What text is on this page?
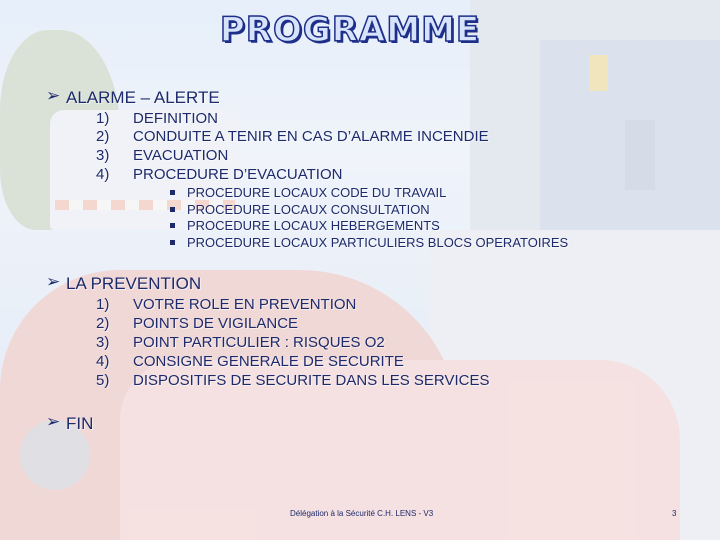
PROGRAMME
➢ ALARME – ALERTE
1) DEFINITION
2) CONDUITE A TENIR EN CAS D’ALARME INCENDIE
3) EVACUATION
4) PROCEDURE D’EVACUATION
PROCEDURE LOCAUX CODE DU TRAVAIL
PROCEDURE LOCAUX CONSULTATION
PROCEDURE LOCAUX HEBERGEMENTS
PROCEDURE LOCAUX PARTICULIERS BLOCS OPERATOIRES
➢ LA PREVENTION
1) VOTRE ROLE EN PREVENTION
2) POINTS DE VIGILANCE
3) POINT PARTICULIER : RISQUES O2
4) CONSIGNE GENERALE DE SECURITE
5) DISPOSITIFS DE SECURITE DANS LES SERVICES
➢ FIN
Délégation à la Sécurité C.H. LENS - V3	3
